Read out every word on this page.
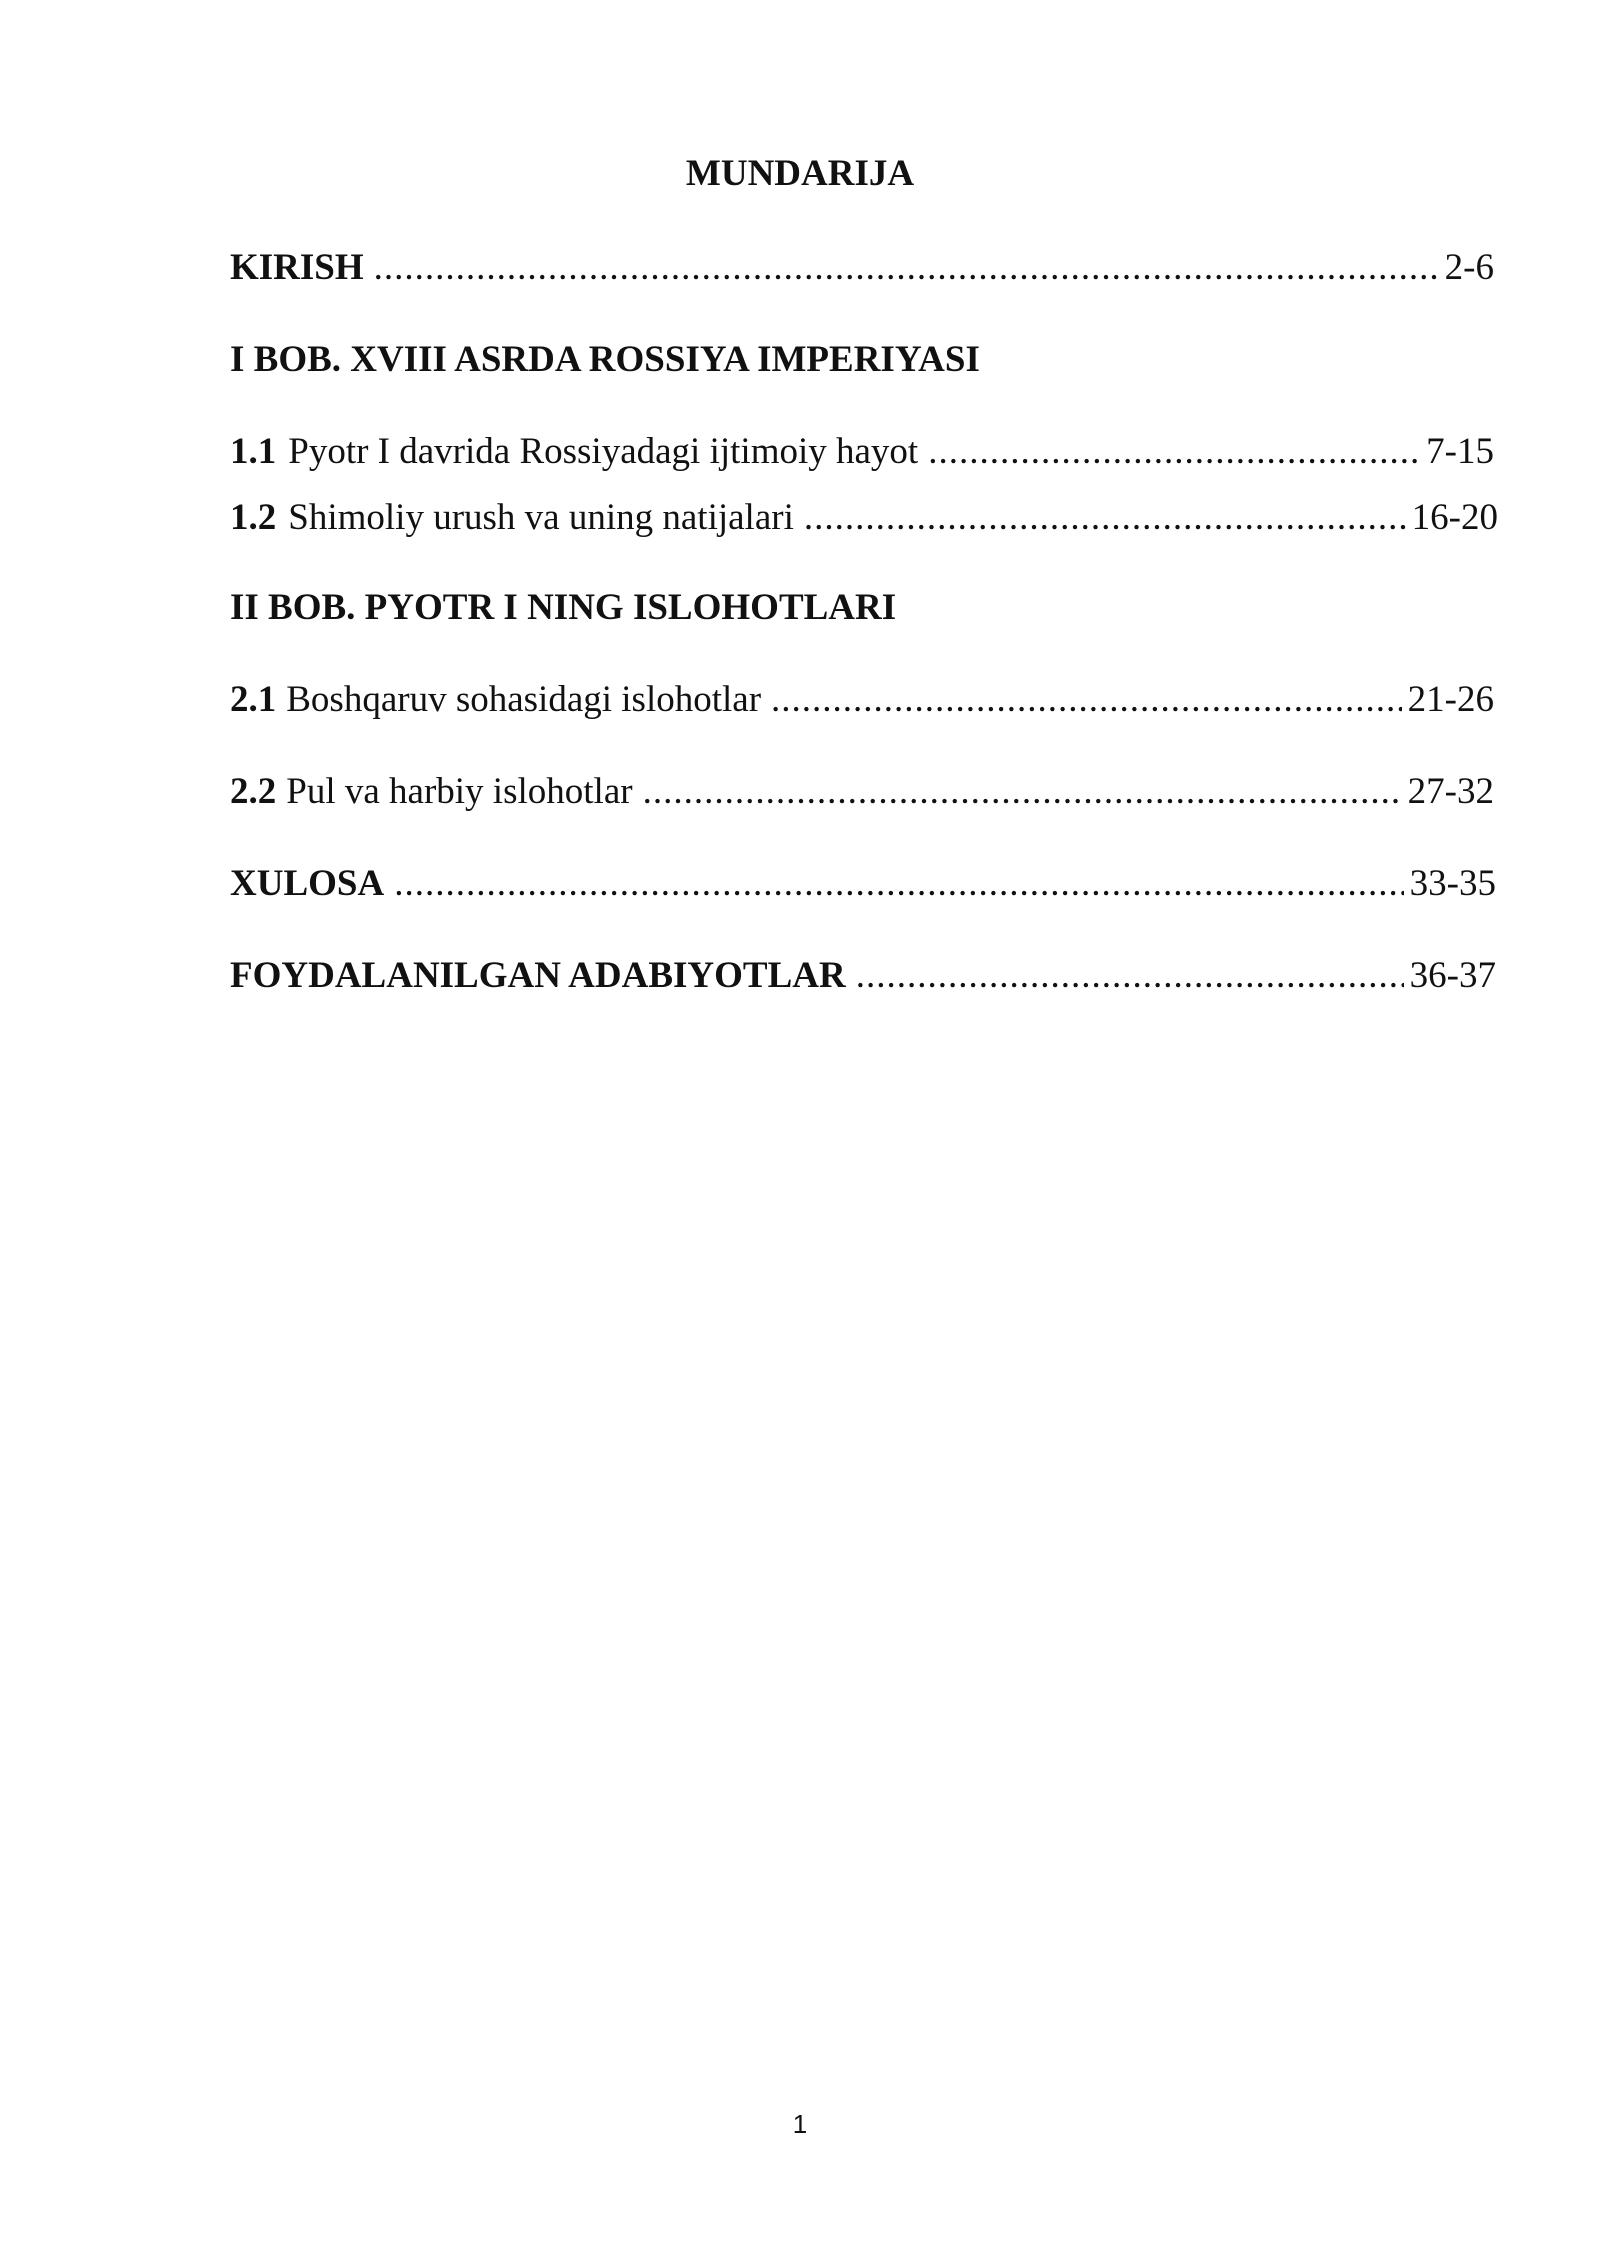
MUNDARIJA
KIRISH .....	2-6
I BOB. XVIII ASRDA ROSSIYA IMPERIYASI
1.1 Pyotr I davrida Rossiyadagi ijtimoiy hayot .....	7-15
1.2 Shimoliy urush va uning natijalari .....	16-20
II BOB. PYOTR I NING ISLOHOTLARI
2.1 Boshqaruv sohasidagi islohotlar .....	21-26
2.2 Pul va harbiy islohotlar .....	27-32
XULOSA .....	33-35
FOYDALANILGAN ADABIYOTLAR .....	36-37
1
